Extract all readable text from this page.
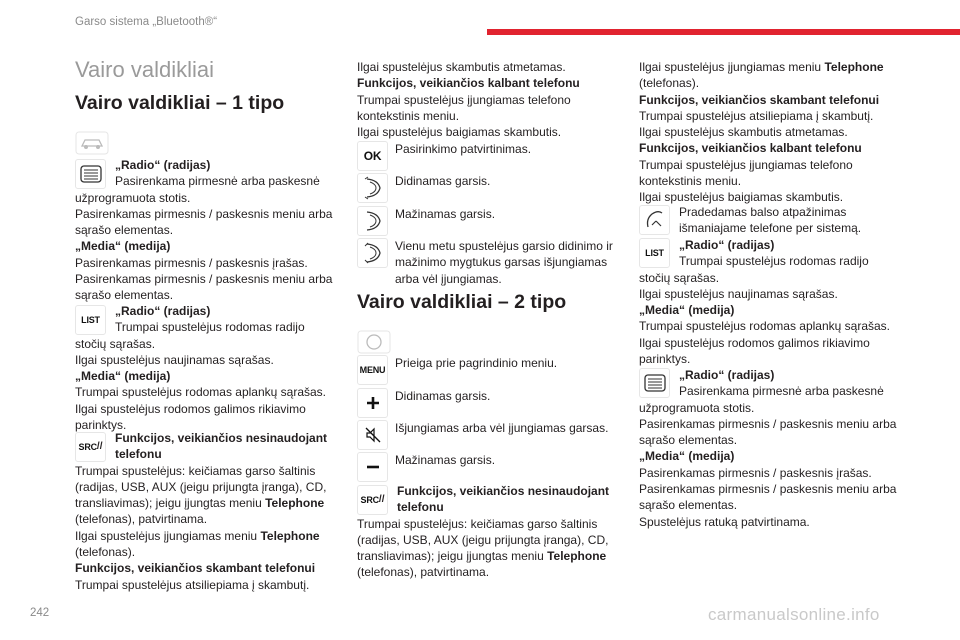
Garso sistema „Bluetooth®“
Vairo valdikliai
Vairo valdikliai – 1 tipo
„Radio“ (radijas)
Pasirenkama pirmesnė arba paskesnė
užprogramuota stotis.
Pasirenkamas pirmesnis / paskesnis meniu arba sąrašo elementas.
„Media“ (medija)
Pasirenkamas pirmesnis / paskesnis įrašas.
Pasirenkamas pirmesnis / paskesnis meniu arba sąrašo elementas.
LIST
„Radio“ (radijas)
Trumpai spustelėjus rodomas radijo
stočių sąrašas.
Ilgai spustelėjus naujinamas sąrašas.
„Media“ (medija)
Trumpai spustelėjus rodomas aplankų sąrašas.
Ilgai spustelėjus rodomos galimos rikiavimo parinktys.
SRC //
Funkcijos, veikiančios nesinaudojant telefonu
Trumpai spustelėjus: keičiamas garso šaltinis (radijas, USB, AUX (jeigu prijungta įranga), CD, transliavimas); jeigu įjungtas meniu Telephone (telefonas), patvirtinama.
Ilgai spustelėjus įjungiamas meniu Telephone (telefonas).
Funkcijos, veikiančios skambant telefonui
Trumpai spustelėjus atsiliepiama į skambutį.
Ilgai spustelėjus skambutis atmetamas.
Funkcijos, veikiančios kalbant telefonu
Trumpai spustelėjus įjungiamas telefono kontekstinis meniu.
Ilgai spustelėjus baigiamas skambutis.
OK Pasirinkimo patvirtinimas.
Didinamas garsis.
Mažinamas garsis.
Vienu metu spustelėjus garsio didinimo ir mažinimo mygtukus garsas išjungiamas arba vėl įjungiamas.
Vairo valdikliai – 2 tipo
MENU Prieiga prie pagrindinio meniu.
Didinamas garsis.
Išjungiamas arba vėl įjungiamas garsas.
Mažinamas garsis.
SRC //
Funkcijos, veikiančios nesinaudojant telefonu
Trumpai spustelėjus: keičiamas garso šaltinis (radijas, USB, AUX (jeigu prijungta įranga), CD, transliavimas); jeigu įjungtas meniu Telephone (telefonas), patvirtinama.
Ilgai spustelėjus įjungiamas meniu Telephone (telefonas).
Funkcijos, veikiančios skambant telefonui
Trumpai spustelėjus atsiliepiama į skambutį.
Ilgai spustelėjus skambutis atmetamas.
Funkcijos, veikiančios kalbant telefonu
Trumpai spustelėjus įjungiamas telefono kontekstinis meniu.
Ilgai spustelėjus baigiamas skambutis.
Pradedamas balso atpažinimas
išmaniajame telefone per sistemą.
LIST
„Radio“ (radijas)
Trumpai spustelėjus rodomas radijo
stočių sąrašas.
Ilgai spustelėjus naujinamas sąrašas.
„Media“ (medija)
Trumpai spustelėjus rodomas aplankų sąrašas.
Ilgai spustelėjus rodomos galimos rikiavimo parinktys.
„Radio“ (radijas)
Pasirenkama pirmesnė arba paskesnė
užprogramuota stotis.
Pasirenkamas pirmesnis / paskesnis meniu arba sąrašo elementas.
„Media“ (medija)
Pasirenkamas pirmesnis / paskesnis įrašas.
Pasirenkamas pirmesnis / paskesnis meniu arba sąrašo elementas.
Spustelėjus ratuką patvirtinama.
242	carmanualsonline.info
